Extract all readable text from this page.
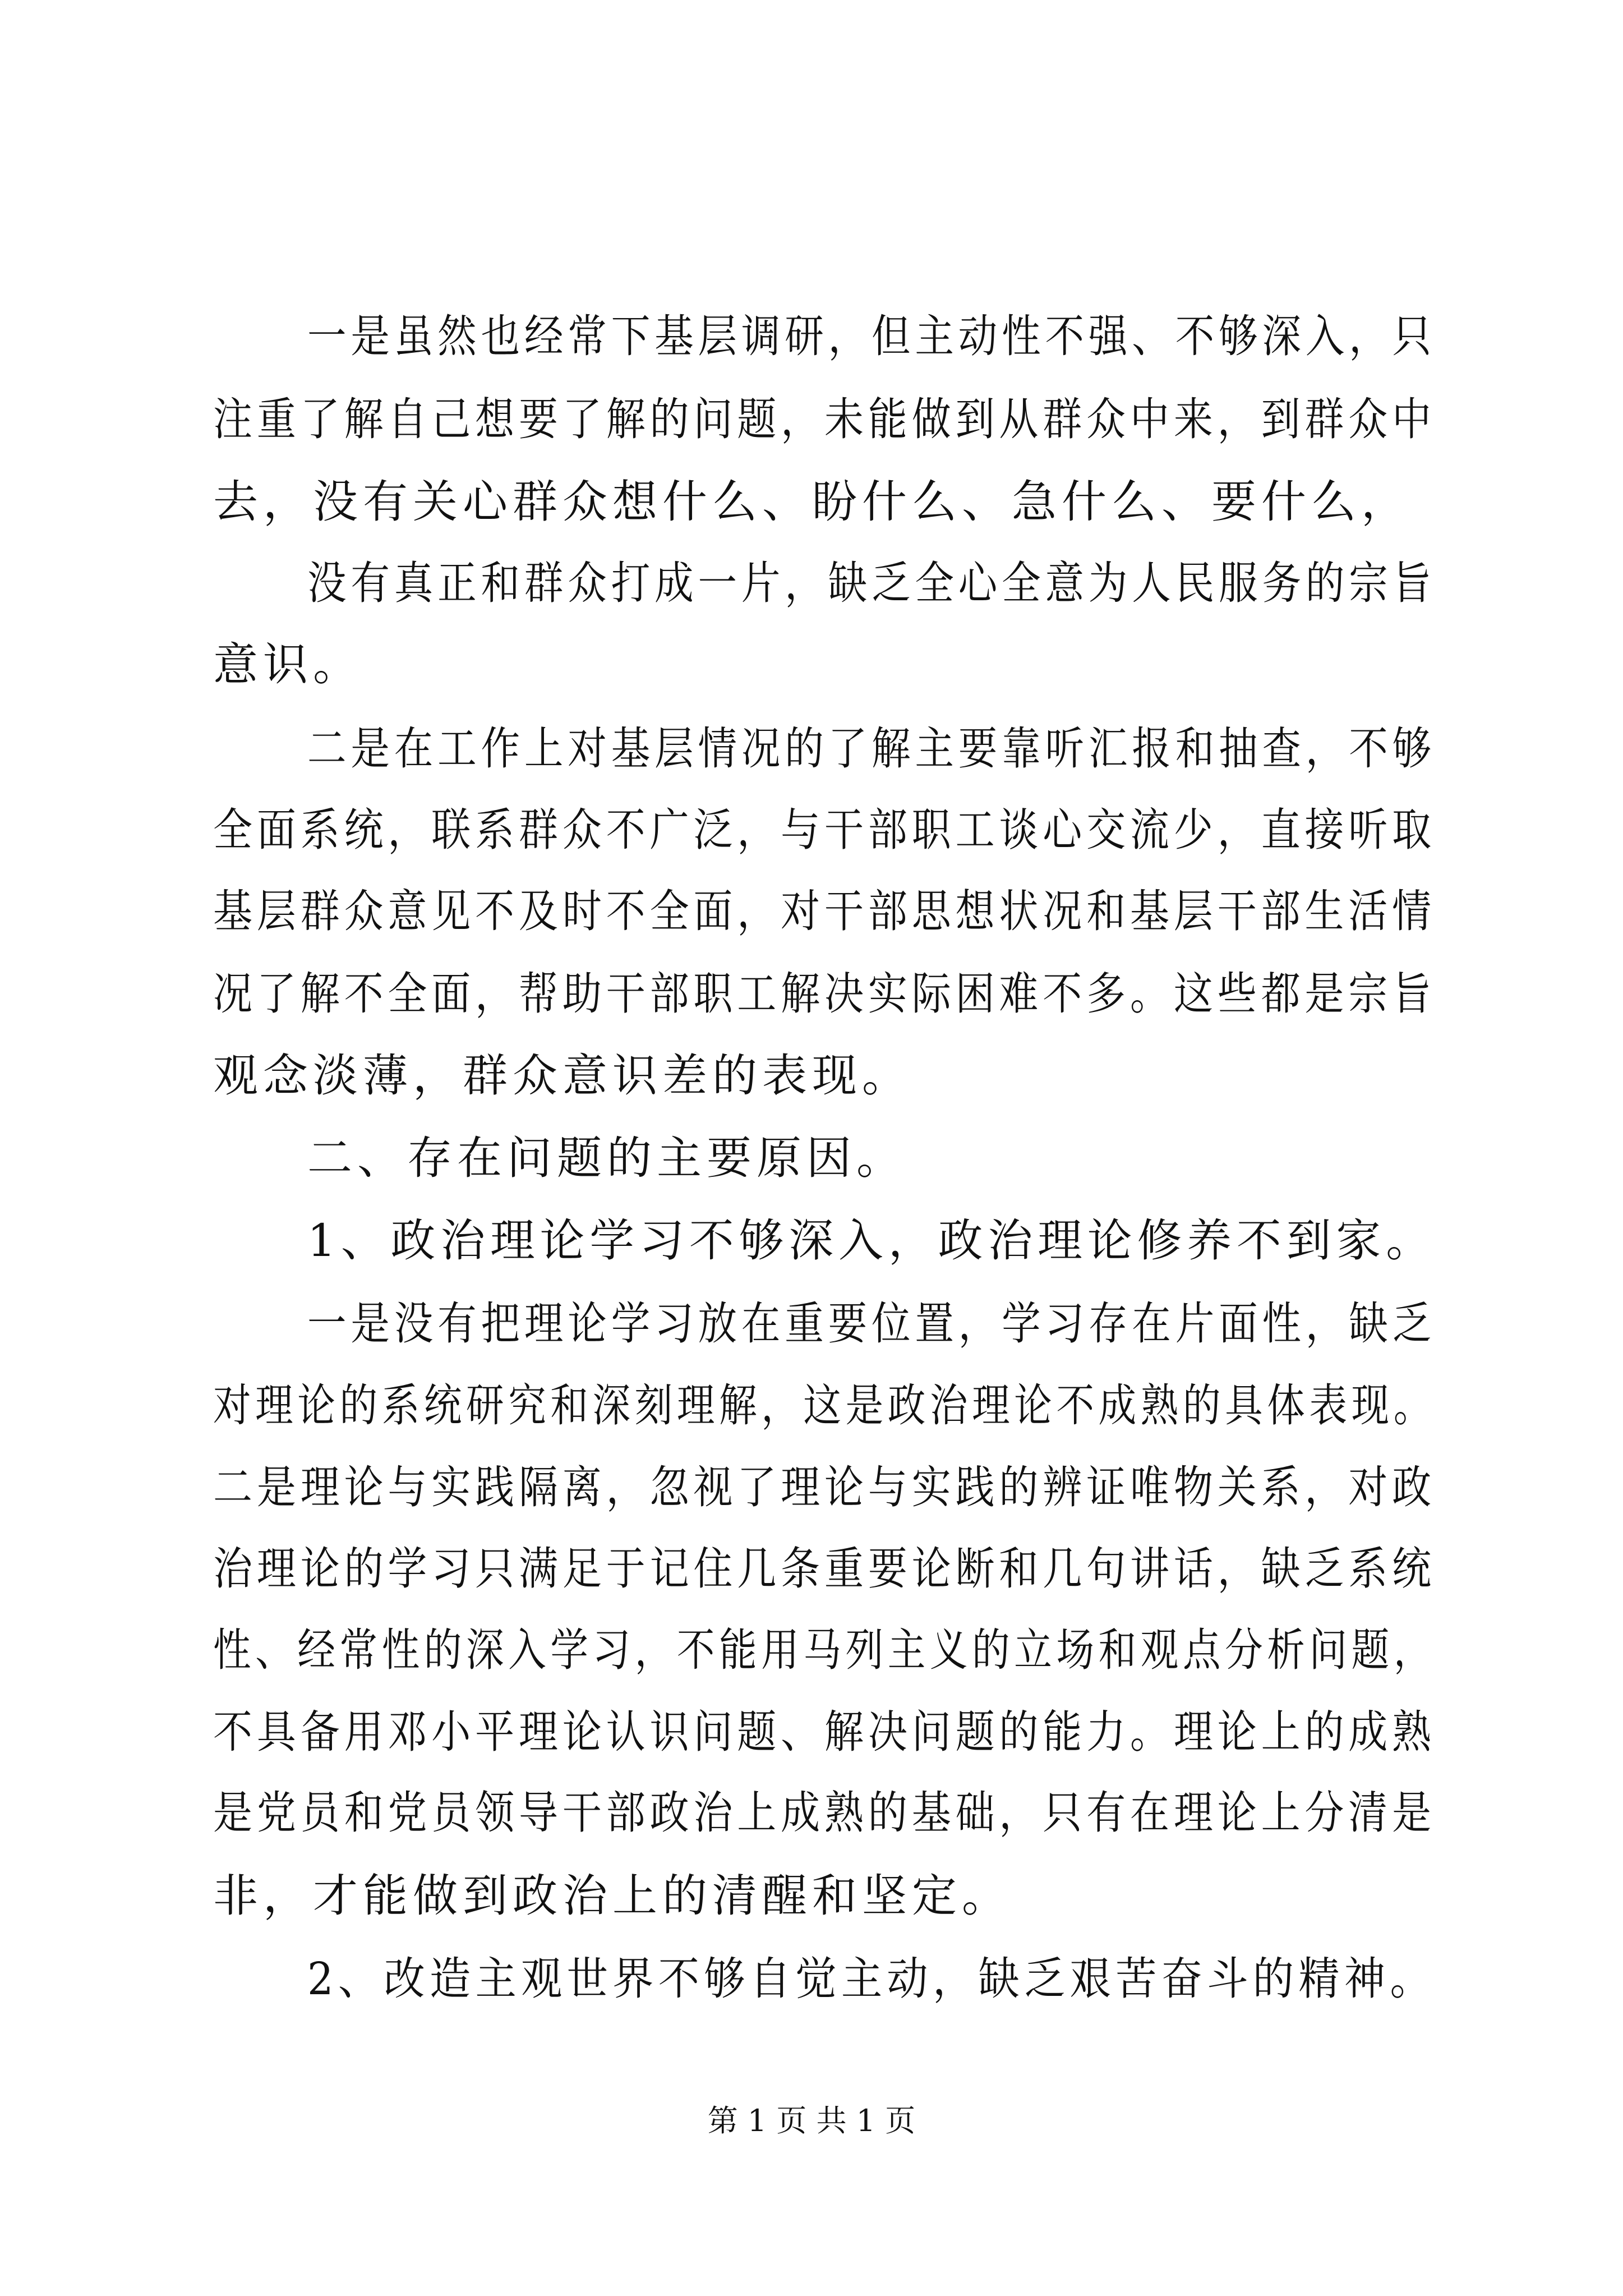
一是虽然也经常下基层调研，但主动性不强、不够深入，只
注重了解自己想要了解的问题，未能做到从群众中来，到群众中
去，没有关心群众想什么、盼什么、急什么、要什么，
没有真正和群众打成一片，缺乏全心全意为人民服务的宗旨
意识。
二是在工作上对基层情况的了解主要靠听汇报和抽查，不够
全面系统，联系群众不广泛，与干部职工谈心交流少，直接听取
基层群众意见不及时不全面，对干部思想状况和基层干部生活情
况了解不全面，帮助干部职工解决实际困难不多。这些都是宗旨
观念淡薄，群众意识差的表现。
二、存在问题的主要原因。
1、政治理论学习不够深入，政治理论修养不到家。
一是没有把理论学习放在重要位置，学习存在片面性，缺乏
对理论的系统研究和深刻理解，这是政治理论不成熟的具体表现。
二是理论与实践隔离，忽视了理论与实践的辨证唯物关系，对政
治理论的学习只满足于记住几条重要论断和几句讲话，缺乏系统
性、经常性的深入学习，不能用马列主义的立场和观点分析问题，
不具备用邓小平理论认识问题、解决问题的能力。理论上的成熟
是党员和党员领导干部政治上成熟的基础，只有在理论上分清是
非，才能做到政治上的清醒和坚定。
2、改造主观世界不够自觉主动，缺乏艰苦奋斗的精神。
第 1 页 共 1 页
